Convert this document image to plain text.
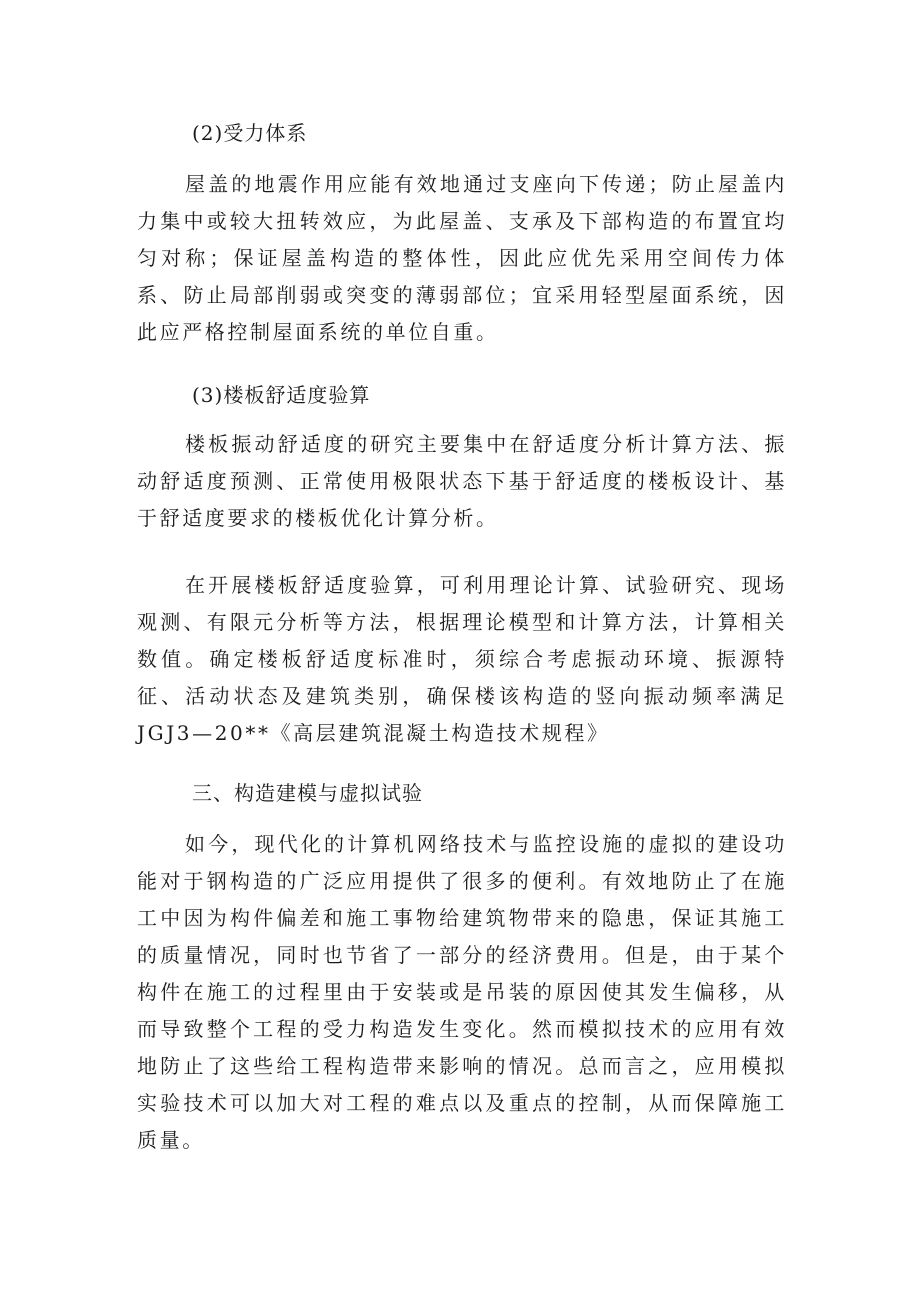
(2)受力体系

屋盖的地震作用应能有效地通过支座向下传递；防止屋盖内力集中或较大扭转效应，为此屋盖、支承及下部构造的布置宜均匀对称；保证屋盖构造的整体性，因此应优先采用空间传力体系、防止局部削弱或突变的薄弱部位；宜采用轻型屋面系统，因此应严格控制屋面系统的单位自重。

(3)楼板舒适度验算

楼板振动舒适度的研究主要集中在舒适度分析计算方法、振动舒适度预测、正常使用极限状态下基于舒适度的楼板设计、基于舒适度要求的楼板优化计算分析。

在开展楼板舒适度验算，可利用理论计算、试验研究、现场观测、有限元分析等方法，根据理论模型和计算方法，计算相关数值。确定楼板舒适度标准时，须综合考虑振动环境、振源特征、活动状态及建筑类别，确保楼该构造的竖向振动频率满足JGJ3—20**《高层建筑混凝土构造技术规程》

三、构造建模与虚拟试验

如今，现代化的计算机网络技术与监控设施的虚拟的建设功能对于钢构造的广泛应用提供了很多的便利。有效地防止了在施工中因为构件偏差和施工事物给建筑物带来的隐患，保证其施工的质量情况，同时也节省了一部分的经济费用。但是，由于某个构件在施工的过程里由于安装或是吊装的原因使其发生偏移，从而导致整个工程的受力构造发生变化。然而模拟技术的应用有效地防止了这些给工程构造带来影响的情况。总而言之，应用模拟实验技术可以加大对工程的难点以及重点的控制，从而保障施工质量。
